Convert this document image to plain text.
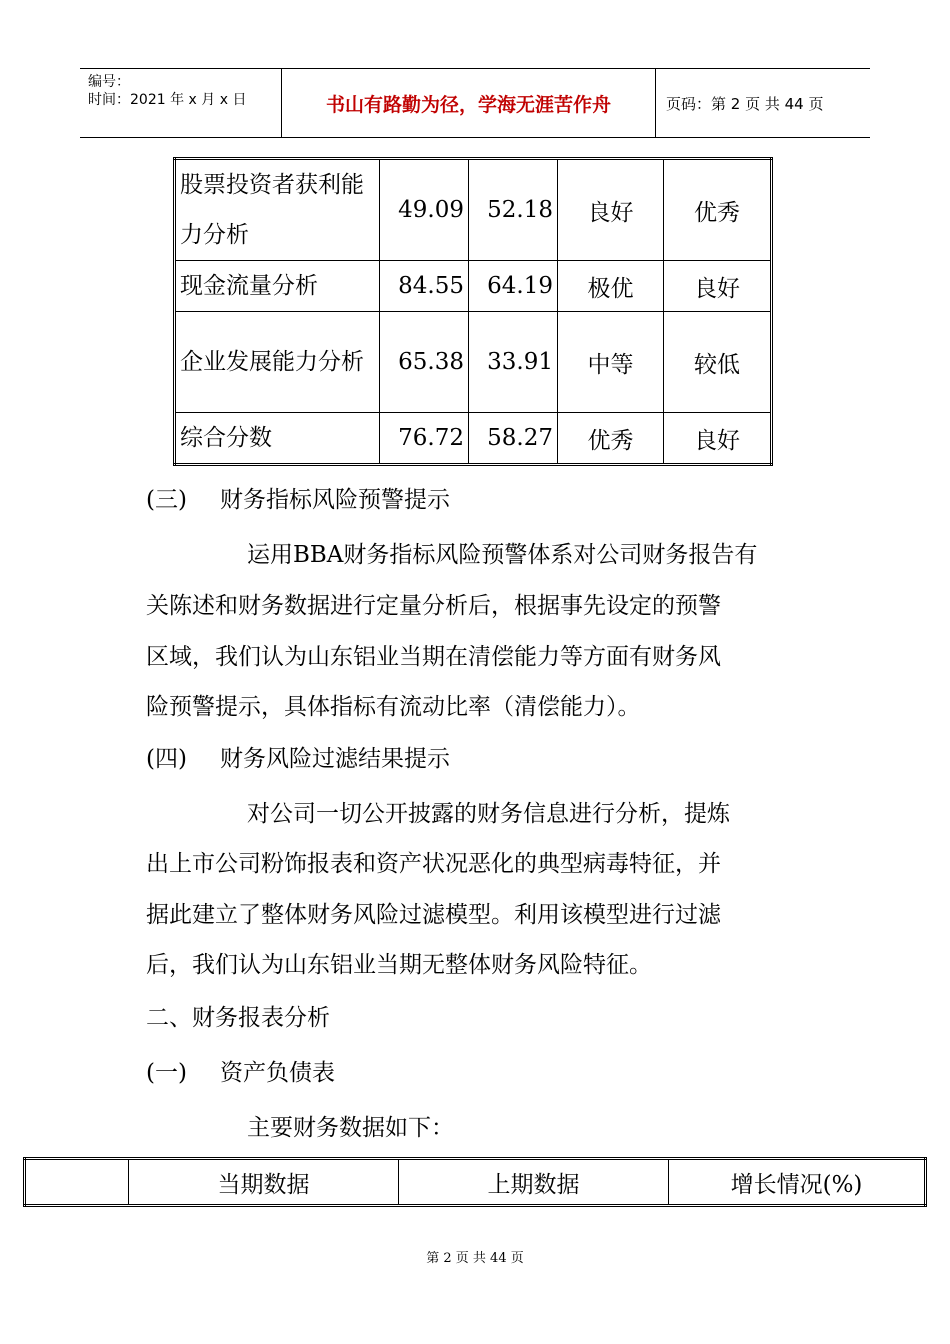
编号：
时间：2021 年 x 月 x 日	书山有路勤为径，学海无涯苦作舟	页码：第 2 页 共 44 页
股票投资者获利能力分析	49.09	52.18	良好	优秀
现金流量分析	84.55	64.19	极优	良好
企业发展能力分析	65.38	33.91	中等	较低
综合分数	76.72	58.27	优秀	良好
(三) 财务指标风险预警提示
运用BBA财务指标风险预警体系对公司财务报告有
关陈述和财务数据进行定量分析后，根据事先设定的预警
区域，我们认为山东铝业当期在清偿能力等方面有财务风
险预警提示，具体指标有流动比率（清偿能力）。
(四) 财务风险过滤结果提示
对公司一切公开披露的财务信息进行分析，提炼
出上市公司粉饰报表和资产状况恶化的典型病毒特征，并
据此建立了整体财务风险过滤模型。利用该模型进行过滤
后，我们认为山东铝业当期无整体财务风险特征。
二、财务报表分析
(一) 资产负债表
主要财务数据如下：
	当期数据	上期数据	增长情况(%)
第 2 页 共 44 页
